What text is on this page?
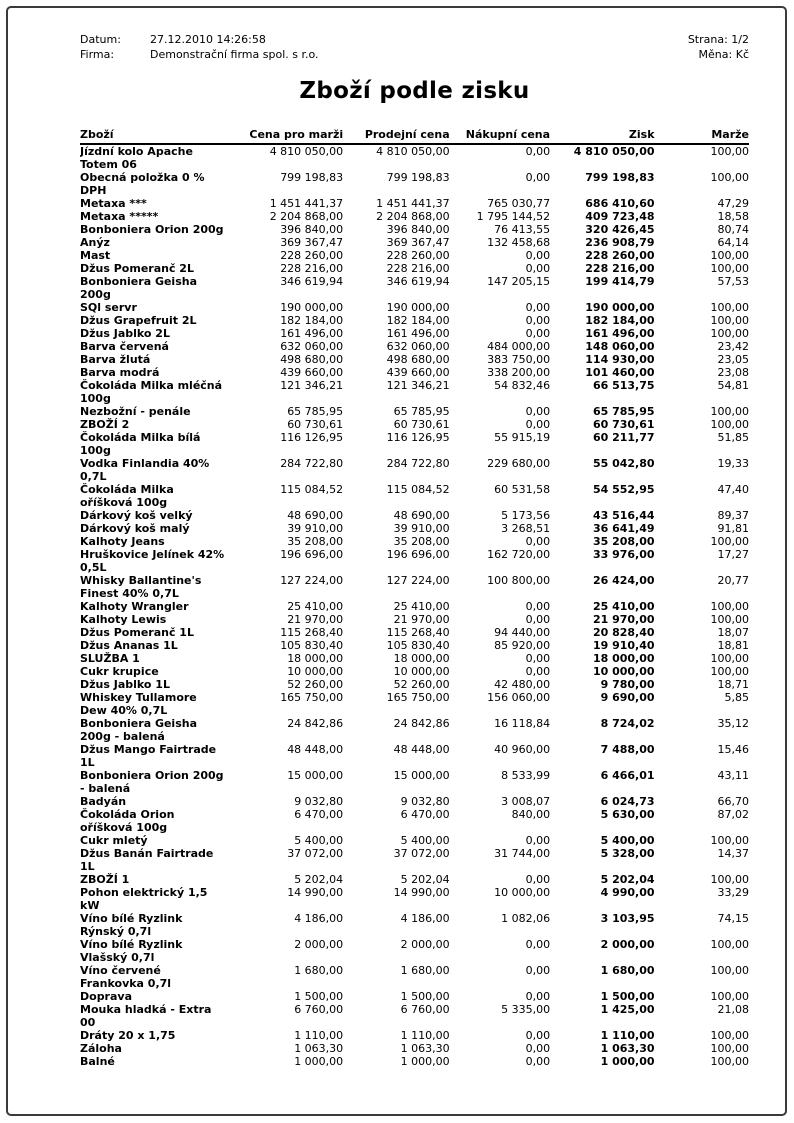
Datum:	27.12.2010 14:26:58
Firma:	Demonstrační firma spol. s r.o.
Strana: 1/2
Měna: Kč
Zboží podle zisku
Zboží	Cena pro marži	Prodejní cena	Nákupní cena	Zisk	Marže
Jízdní kolo Apache Totem 06	4 810 050,00	4 810 050,00	0,00	4 810 050,00	100,00
Obecná položka 0 % DPH	799 198,83	799 198,83	0,00	799 198,83	100,00
Metaxa ***	1 451 441,37	1 451 441,37	765 030,77	686 410,60	47,29
Metaxa *****	2 204 868,00	2 204 868,00	1 795 144,52	409 723,48	18,58
Bonboniera Orion 200g	396 840,00	396 840,00	76 413,55	320 426,45	80,74
Anýz	369 367,47	369 367,47	132 458,68	236 908,79	64,14
Mast	228 260,00	228 260,00	0,00	228 260,00	100,00
Džus Pomeranč 2L	228 216,00	228 216,00	0,00	228 216,00	100,00
Bonboniera Geisha 200g	346 619,94	346 619,94	147 205,15	199 414,79	57,53
SQl servr	190 000,00	190 000,00	0,00	190 000,00	100,00
Džus Grapefruit 2L	182 184,00	182 184,00	0,00	182 184,00	100,00
Džus Jablko 2L	161 496,00	161 496,00	0,00	161 496,00	100,00
Barva červená	632 060,00	632 060,00	484 000,00	148 060,00	23,42
Barva žlutá	498 680,00	498 680,00	383 750,00	114 930,00	23,05
Barva modrá	439 660,00	439 660,00	338 200,00	101 460,00	23,08
Čokoláda Milka mléčná 100g	121 346,21	121 346,21	54 832,46	66 513,75	54,81
Nezbožní - penále	65 785,95	65 785,95	0,00	65 785,95	100,00
ZBOŽÍ 2	60 730,61	60 730,61	0,00	60 730,61	100,00
Čokoláda Milka bílá 100g	116 126,95	116 126,95	55 915,19	60 211,77	51,85
Vodka Finlandia 40% 0,7L	284 722,80	284 722,80	229 680,00	55 042,80	19,33
Čokoláda Milka oříšková 100g	115 084,52	115 084,52	60 531,58	54 552,95	47,40
Dárkový koš velký	48 690,00	48 690,00	5 173,56	43 516,44	89,37
Dárkový koš malý	39 910,00	39 910,00	3 268,51	36 641,49	91,81
Kalhoty Jeans	35 208,00	35 208,00	0,00	35 208,00	100,00
Hruškovice Jelínek 42% 0,5L	196 696,00	196 696,00	162 720,00	33 976,00	17,27
Whisky Ballantine's Finest 40% 0,7L	127 224,00	127 224,00	100 800,00	26 424,00	20,77
Kalhoty Wrangler	25 410,00	25 410,00	0,00	25 410,00	100,00
Kalhoty Lewis	21 970,00	21 970,00	0,00	21 970,00	100,00
Džus Pomeranč 1L	115 268,40	115 268,40	94 440,00	20 828,40	18,07
Džus Ananas 1L	105 830,40	105 830,40	85 920,00	19 910,40	18,81
SLUŽBA 1	18 000,00	18 000,00	0,00	18 000,00	100,00
Cukr krupice	10 000,00	10 000,00	0,00	10 000,00	100,00
Džus Jablko 1L	52 260,00	52 260,00	42 480,00	9 780,00	18,71
Whiskey Tullamore Dew 40% 0,7L	165 750,00	165 750,00	156 060,00	9 690,00	5,85
Bonboniera Geisha 200g - balená	24 842,86	24 842,86	16 118,84	8 724,02	35,12
Džus Mango Fairtrade 1L	48 448,00	48 448,00	40 960,00	7 488,00	15,46
Bonboniera Orion 200g - balená	15 000,00	15 000,00	8 533,99	6 466,01	43,11
Badyán	9 032,80	9 032,80	3 008,07	6 024,73	66,70
Čokoláda Orion oříšková 100g	6 470,00	6 470,00	840,00	5 630,00	87,02
Cukr mletý	5 400,00	5 400,00	0,00	5 400,00	100,00
Džus Banán Fairtrade 1L	37 072,00	37 072,00	31 744,00	5 328,00	14,37
ZBOŽÍ 1	5 202,04	5 202,04	0,00	5 202,04	100,00
Pohon elektrický 1,5 kW	14 990,00	14 990,00	10 000,00	4 990,00	33,29
Víno bílé Ryzlink Rýnský 0,7l	4 186,00	4 186,00	1 082,06	3 103,95	74,15
Víno bílé Ryzlink Vlašský 0,7l	2 000,00	2 000,00	0,00	2 000,00	100,00
Víno červené Frankovka 0,7l	1 680,00	1 680,00	0,00	1 680,00	100,00
Doprava	1 500,00	1 500,00	0,00	1 500,00	100,00
Mouka hladká - Extra 00	6 760,00	6 760,00	5 335,00	1 425,00	21,08
Dráty 20 x 1,75	1 110,00	1 110,00	0,00	1 110,00	100,00
Záloha	1 063,30	1 063,30	0,00	1 063,30	100,00
Balné	1 000,00	1 000,00	0,00	1 000,00	100,00
